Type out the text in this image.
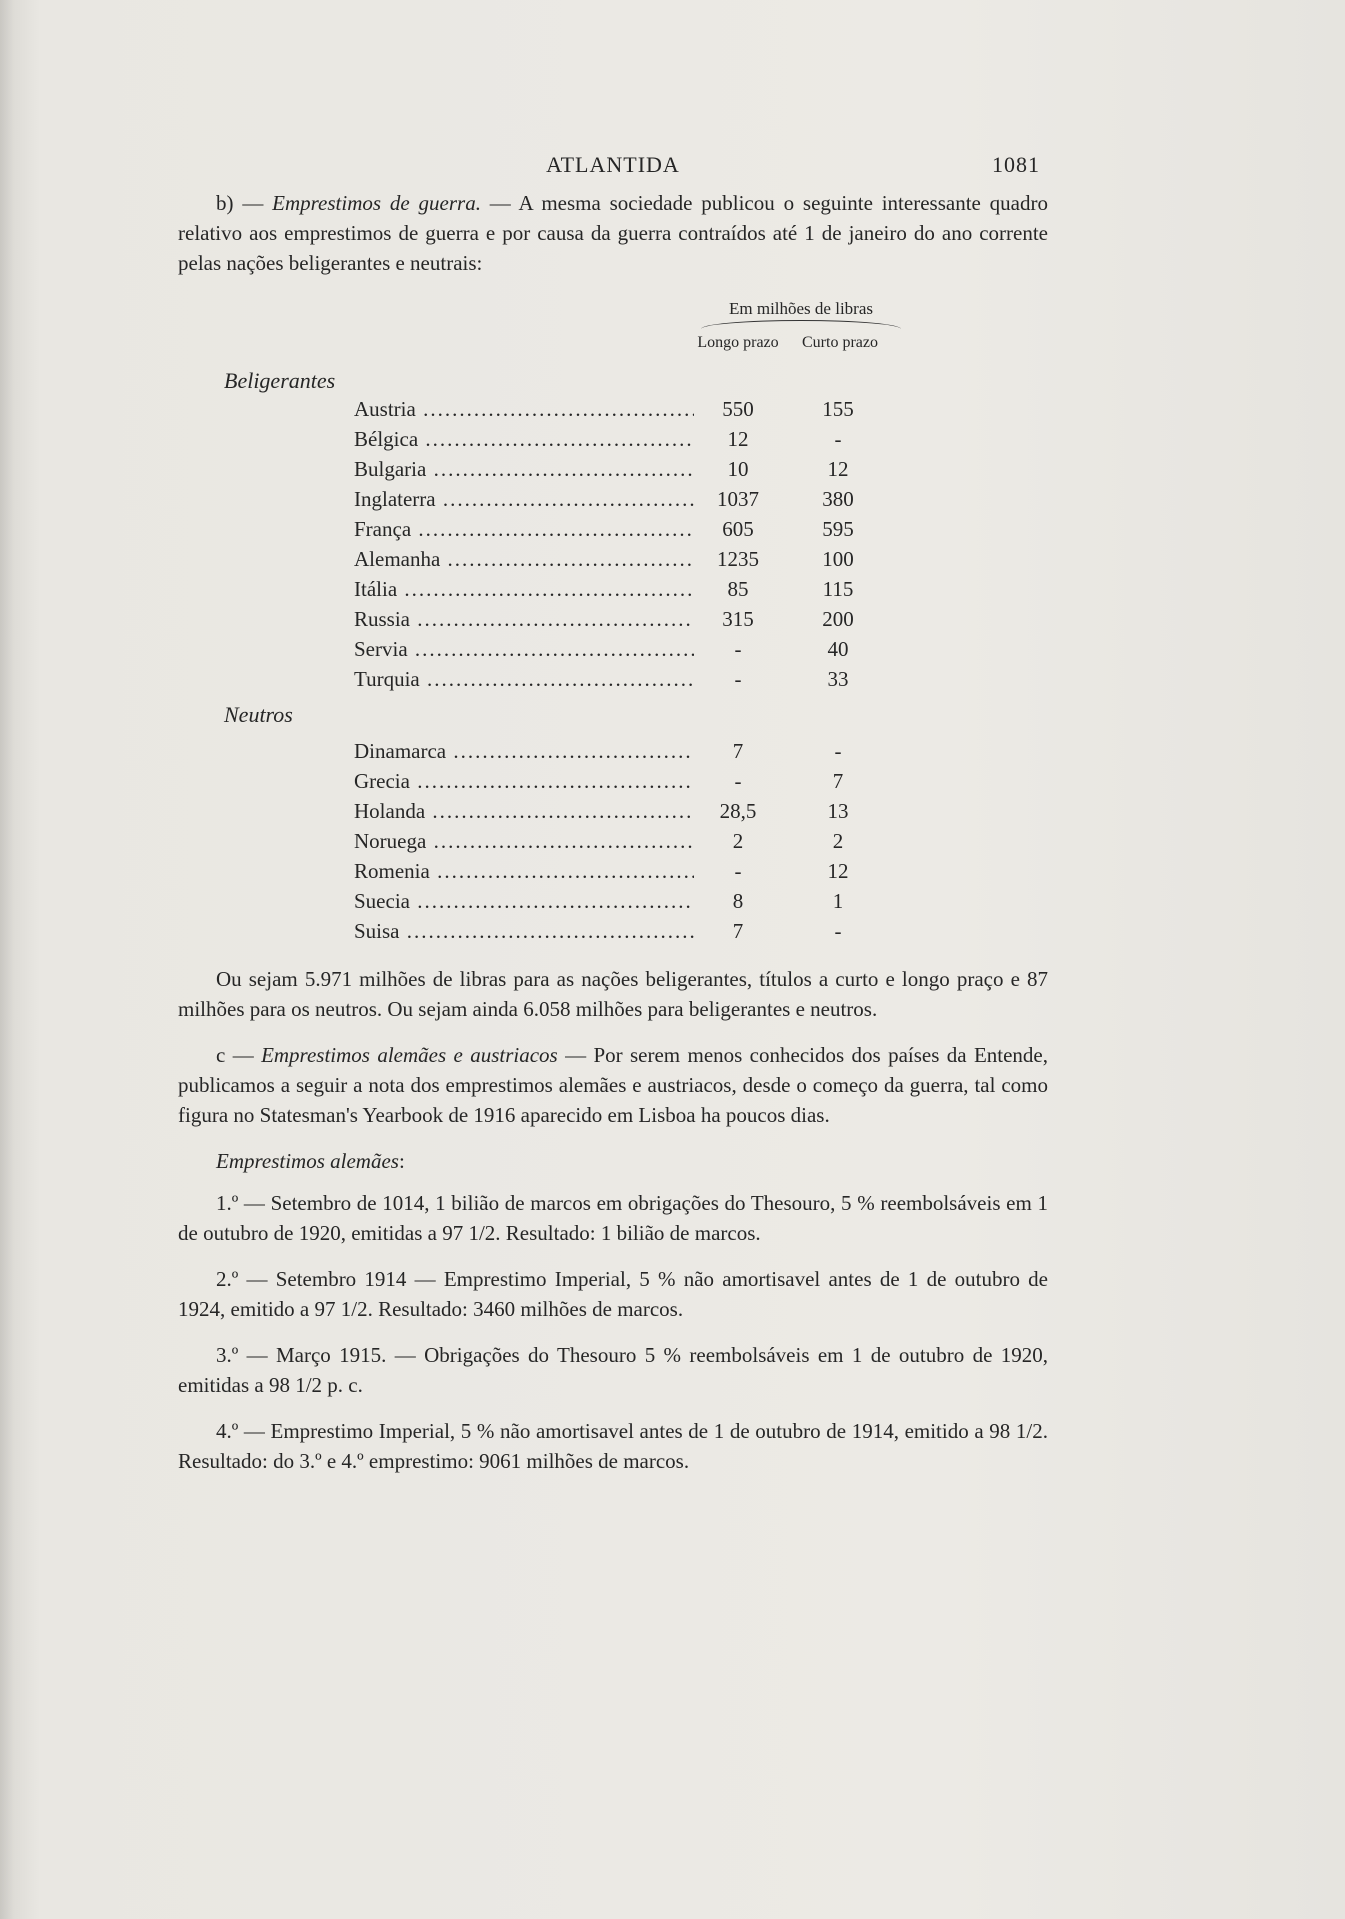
ATLANTIDA	1081

b) — Emprestimos de guerra. — A mesma sociedade publicou o seguinte interessante quadro relativo aos emprestimos de guerra e por causa da guerra contraídos até 1 de janeiro do ano corrente pelas nações beligerantes e neutrais:

Em milhões de libras
Longo prazo	Curto prazo
Beligerantes
Austria .....	550	155
Bélgica .....	12	-
Bulgaria .....	10	12
Inglaterra .....	1037	380
França .....	605	595
Alemanha .....	1235	100
Itália .....	85	115
Russia .....	315	200
Servia .....	-	40
Turquia .....	-	33
Neutros
Dinamarca .....	7	-
Grecia .....	-	7
Holanda .....	28,5	13
Noruega .....	2	2
Romenia .....	-	12
Suecia .....	8	1
Suisa .....	7	-

Ou sejam 5.971 milhões de libras para as nações beligerantes, títulos a curto e longo praço e 87 milhões para os neutros. Ou sejam ainda 6.058 milhões para beligerantes e neutros.

c — Emprestimos alemães e austriacos — Por serem menos conhecidos dos países da Entende, publicamos a seguir a nota dos emprestimos alemães e austriacos, desde o começo da guerra, tal como figura no Statesman's Yearbook de 1916 aparecido em Lisboa ha poucos dias.

Emprestimos alemães:

1.º — Setembro de 1014, 1 bilião de marcos em obrigações do Thesouro, 5 % reembolsáveis em 1 de outubro de 1920, emitidas a 97 1/2. Resultado: 1 bilião de marcos.

2.º — Setembro 1914 — Emprestimo Imperial, 5 % não amortisavel antes de 1 de outubro de 1924, emitido a 97 1/2. Resultado: 3460 milhões de marcos.

3.º — Março 1915. — Obrigações do Thesouro 5 % reembolsáveis em 1 de outubro de 1920, emitidas a 98 1/2 p. c.

4.º — Emprestimo Imperial, 5 % não amortisavel antes de 1 de outubro de 1914, emitido a 98 1/2. Resultado: do 3.º e 4.º emprestimo: 9061 milhões de marcos.
